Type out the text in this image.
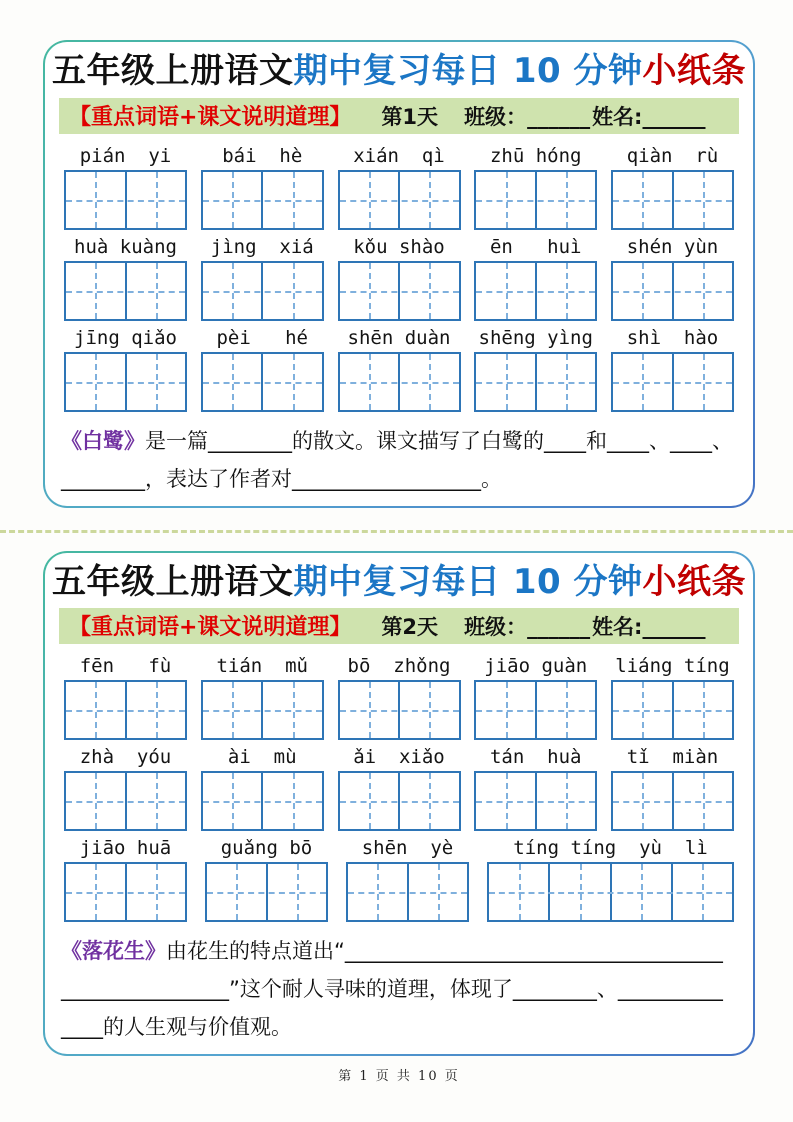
五年级上册语文期中复习每日 10 分钟小纸条
【重点词语+课文说明道理】 第1天 班级： ______ 姓名: ______
pián  yi	bái  hè	xián  qì	zhū hóng	qiàn  rù
huà kuàng	jìng  xiá	kǒu shào	ēn   huì	shén yùn
jīng qiǎo	pèi   hé	shēn duàn	shēng yìng	shì  hào
《白鹭》是一篇________的散文。课文描写了白鹭的____和____、____、
________，表达了作者对__________________。
五年级上册语文期中复习每日 10 分钟小纸条
【重点词语+课文说明道理】 第2天 班级： ______ 姓名: ______
fēn   fù	tián  mǔ	bō  zhǒng	jiāo guàn	liáng tíng
zhà  yóu	ài  mù	ǎi  xiǎo	tán  huà	tǐ  miàn
jiāo huā	guǎng bō	shēn  yè	tíng tíng  yù  lì
《落花生》由花生的特点道出“____________________________________
________________”这个耐人寻味的道理，体现了________、__________
____的人生观与价值观。
第 1 页 共 10 页
